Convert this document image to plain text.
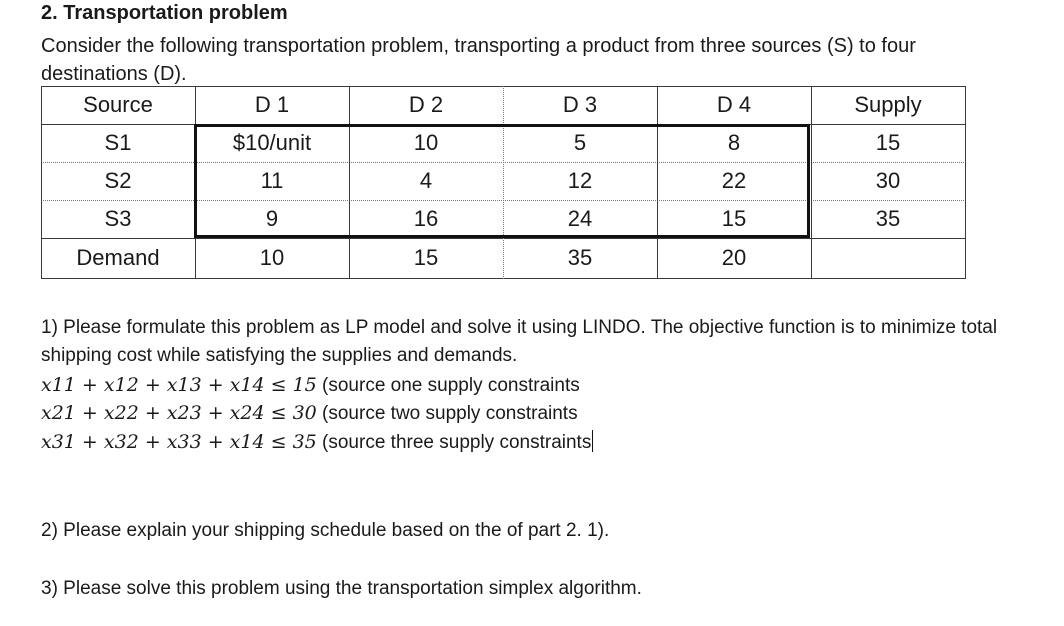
2. Transportation problem
Consider the following transportation problem, transporting a product from three sources (S) to four destinations (D).
Source	D 1	D 2	D 3	D 4	Supply
S1	$10/unit	10	5	8	15
S2	11	4	12	22	30
S3	9	16	24	15	35
Demand	10	15	35	20
1) Please formulate this problem as LP model and solve it using LINDO. The objective function is to minimize total shipping cost while satisfying the supplies and demands.
x11 + x12 + x13 + x14 ≤ 15 (source one supply constraints
x21 + x22 + x23 + x24 ≤ 30 (source two supply constraints
x31 + x32 + x33 + x14 ≤ 35 (source three supply constraints
2) Please explain your shipping schedule based on the of part 2. 1).
3) Please solve this problem using the transportation simplex algorithm.
